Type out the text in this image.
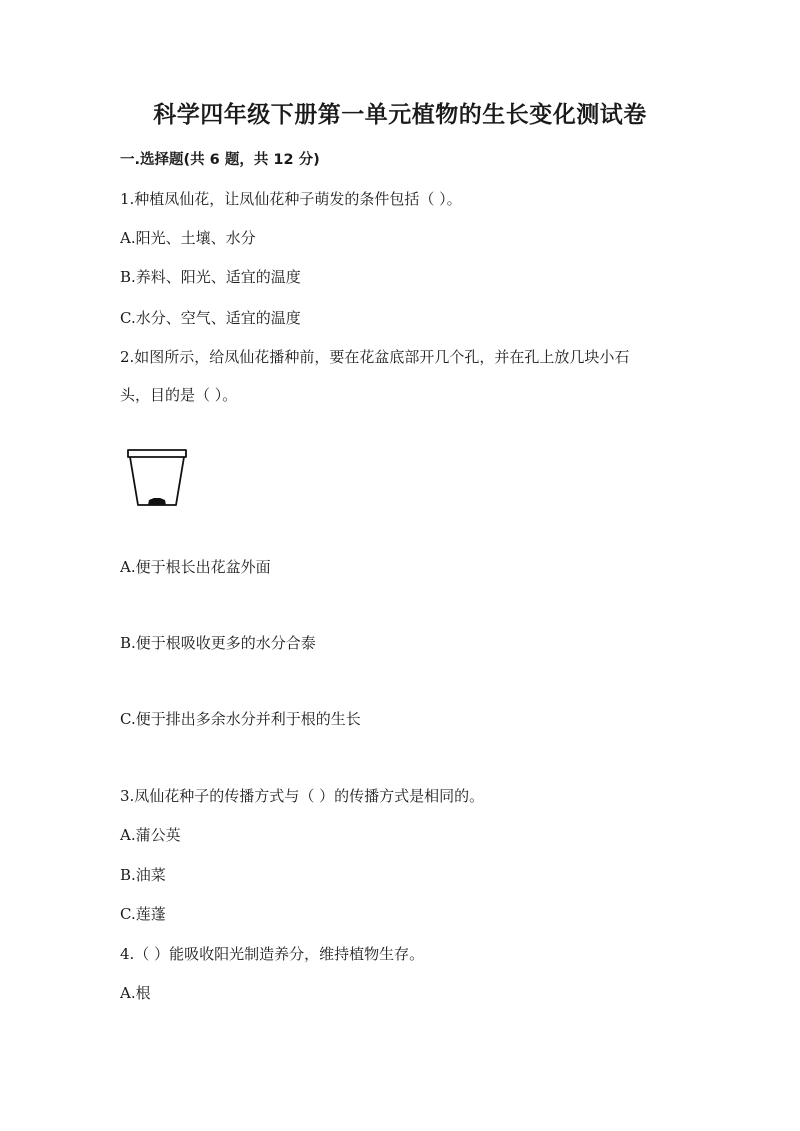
科学四年级下册第一单元植物的生长变化测试卷
一.选择题(共 6 题，共 12 分)
1.种植凤仙花，让凤仙花种子萌发的条件包括（ ）。
A.阳光、土壤、水分
B.养料、阳光、适宜的温度
C.水分、空气、适宜的温度
2.如图所示，给凤仙花播种前，要在花盆底部开几个孔，并在孔上放几块小石
头，目的是（ ）。
A.便于根长出花盆外面
B.便于根吸收更多的水分合泰
C.便于排出多余水分并利于根的生长
3.凤仙花种子的传播方式与（ ）的传播方式是相同的。
A.蒲公英
B.油菜
C.莲蓬
4.（ ）能吸收阳光制造养分，维持植物生存。
A.根
